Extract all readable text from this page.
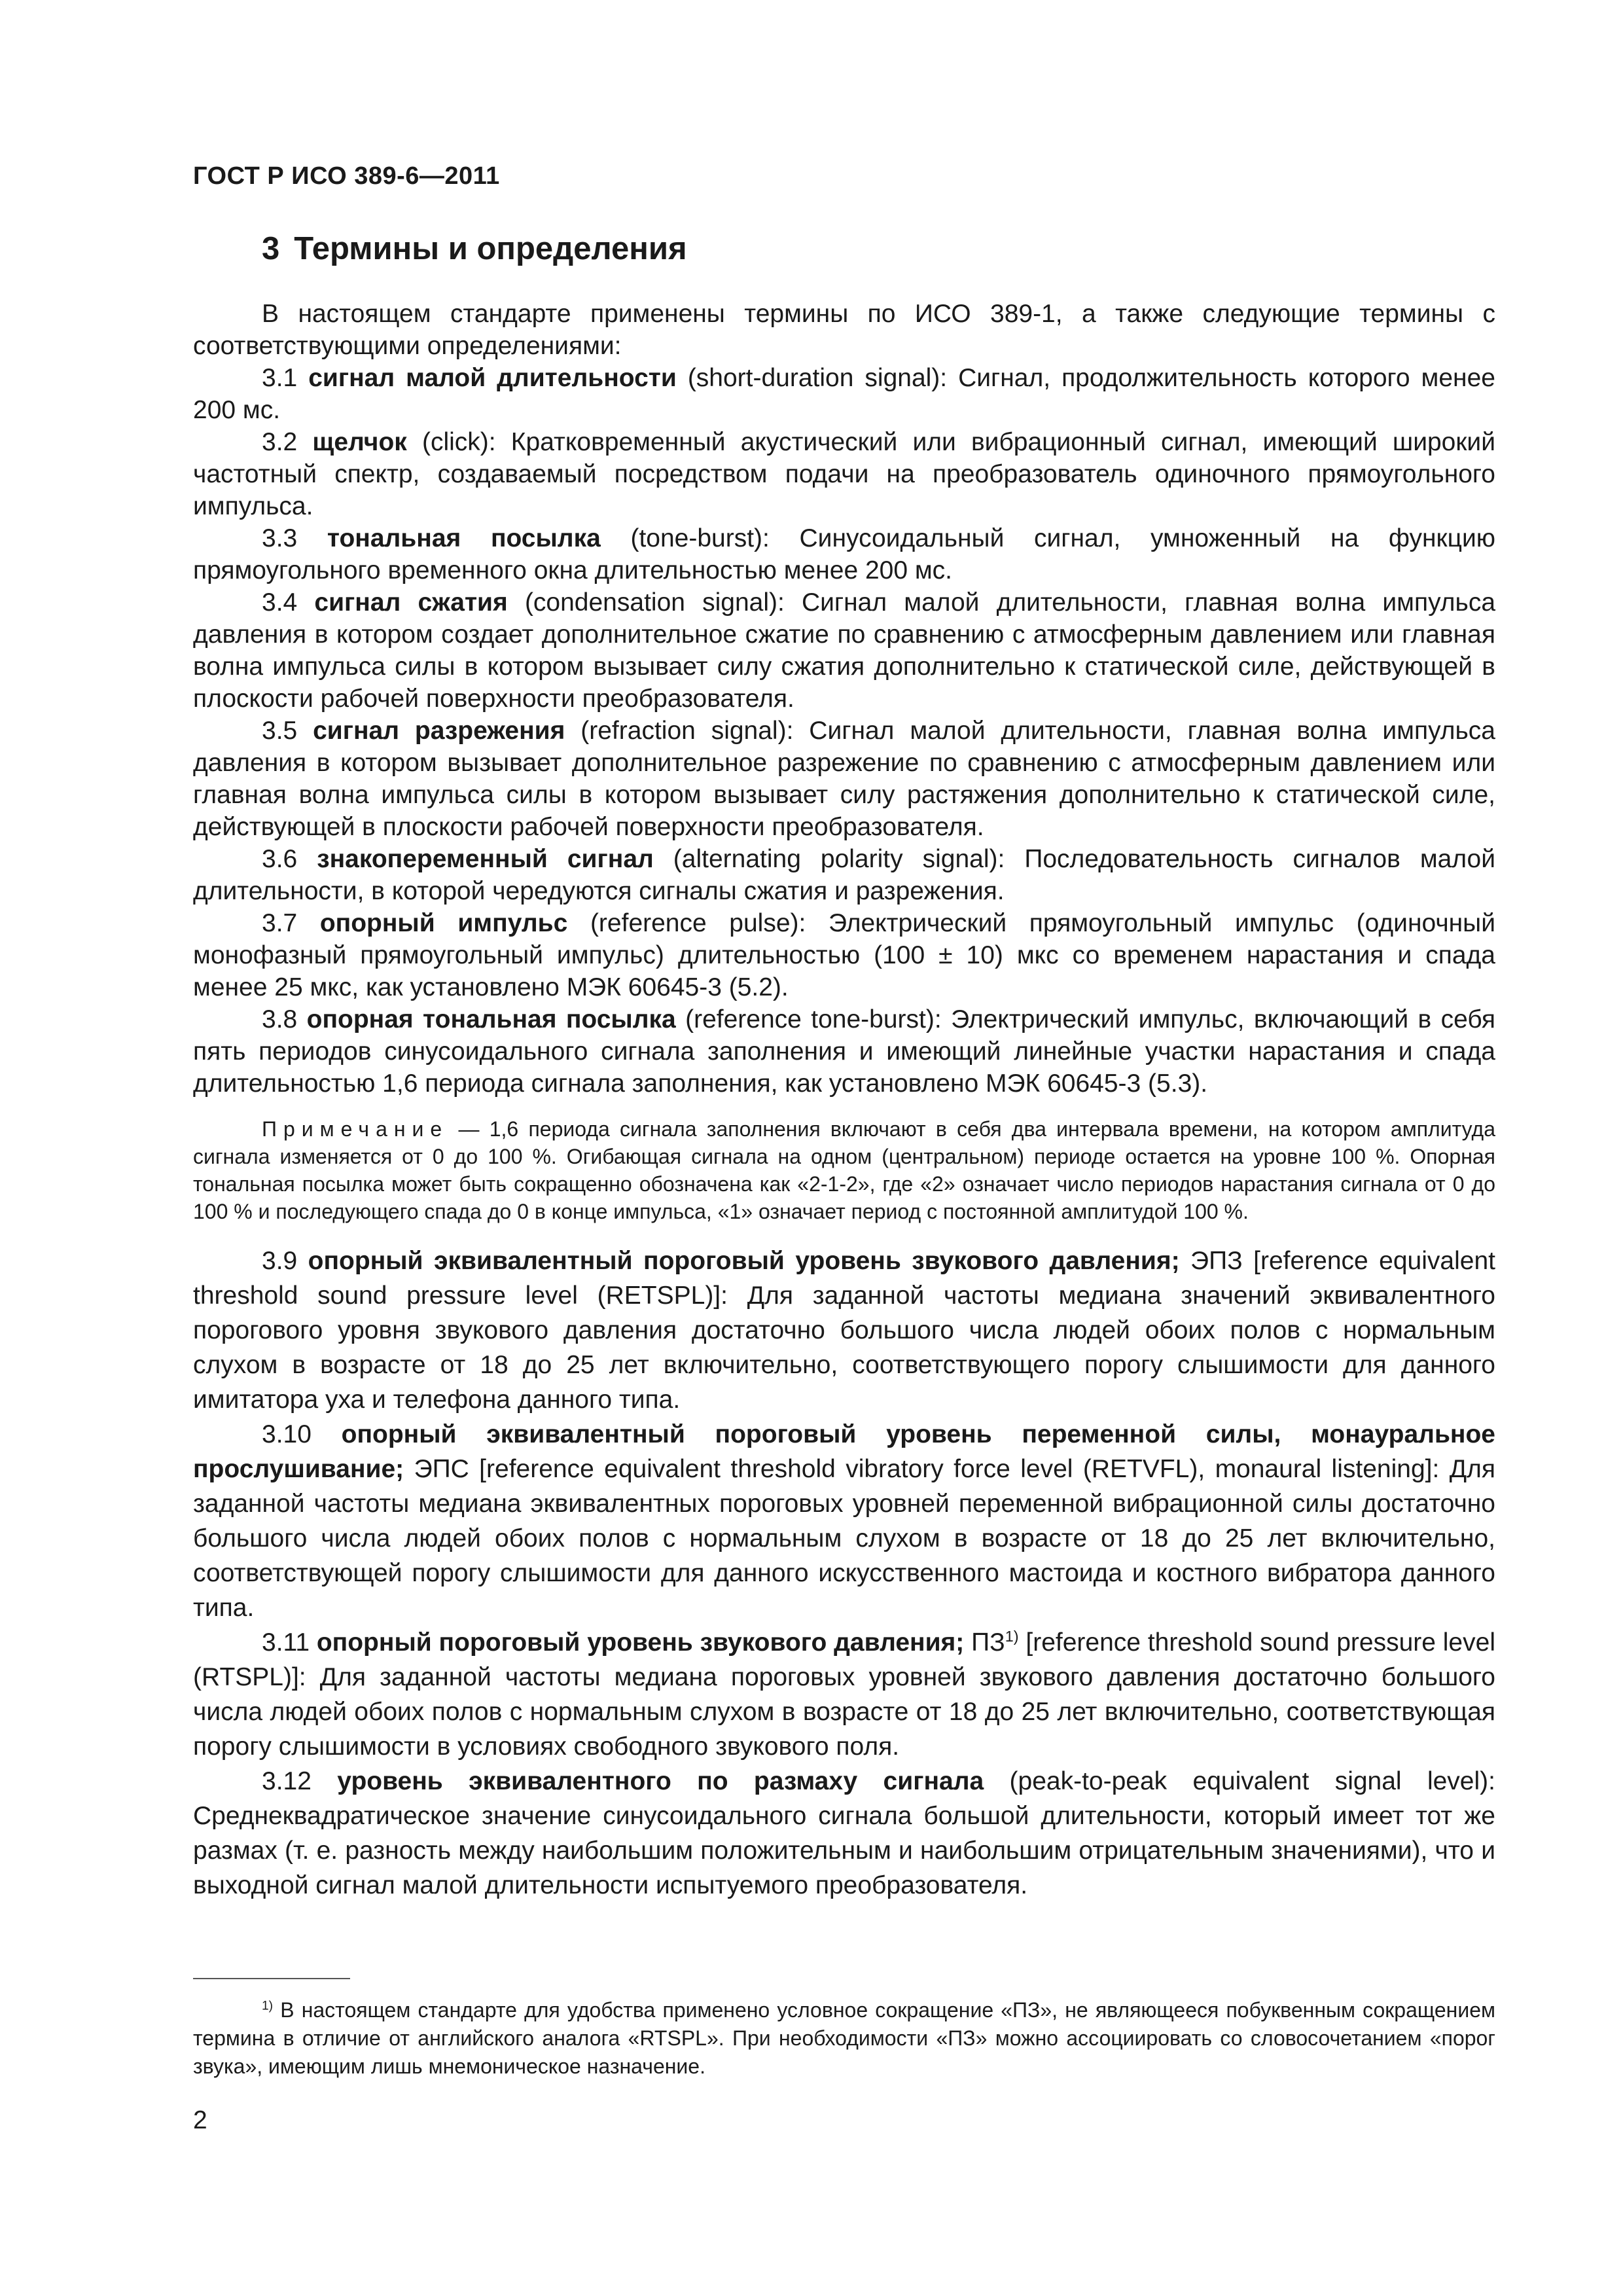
ГОСТ Р ИСО 389-6—2011
3 Термины и определения

В настоящем стандарте применены термины по ИСО 389-1, а также следующие термины с соответствующими определениями:

3.1 сигнал малой длительности (short-duration signal): Сигнал, продолжительность которого менее 200 мс.

3.2 щелчок (click): Кратковременный акустический или вибрационный сигнал, имеющий широкий частотный спектр, создаваемый посредством подачи на преобразователь одиночного прямоугольного импульса.

3.3 тональная посылка (tone-burst): Синусоидальный сигнал, умноженный на функцию прямоугольного временного окна длительностью менее 200 мс.

3.4 сигнал сжатия (condensation signal): Сигнал малой длительности, главная волна импульса давления в котором создает дополнительное сжатие по сравнению с атмосферным давлением или главная волна импульса силы в котором вызывает силу сжатия дополнительно к статической силе, действующей в плоскости рабочей поверхности преобразователя.

3.5 сигнал разрежения (refraction signal): Сигнал малой длительности, главная волна импульса давления в котором вызывает дополнительное разрежение по сравнению с атмосферным давлением или главная волна импульса силы в котором вызывает силу растяжения дополнительно к статической силе, действующей в плоскости рабочей поверхности преобразователя.

3.6 знакопеременный сигнал (alternating polarity signal): Последовательность сигналов малой длительности, в которой чередуются сигналы сжатия и разрежения.

3.7 опорный импульс (reference pulse): Электрический прямоугольный импульс (одиночный монофазный прямоугольный импульс) длительностью (100 ± 10) мкс со временем нарастания и спада менее 25 мкс, как установлено МЭК 60645-3 (5.2).

3.8 опорная тональная посылка (reference tone-burst): Электрический импульс, включающий в себя пять периодов синусоидального сигнала заполнения и имеющий линейные участки нарастания и спада длительностью 1,6 периода сигнала заполнения, как установлено МЭК 60645-3 (5.3).

Примечание — 1,6 периода сигнала заполнения включают в себя два интервала времени, на котором амплитуда сигнала изменяется от 0 до 100 %. Огибающая сигнала на одном (центральном) периоде остается на уровне 100 %. Опорная тональная посылка может быть сокращенно обозначена как «2-1-2», где «2» означает число периодов нарастания сигнала от 0 до 100 % и последующего спада до 0 в конце импульса, «1» означает период с постоянной амплитудой 100 %.

3.9 опорный эквивалентный пороговый уровень звукового давления; ЭПЗ [reference equivalent threshold sound pressure level (RETSPL)]: Для заданной частоты медиана значений эквивалентного порогового уровня звукового давления достаточно большого числа людей обоих полов с нормальным слухом в возрасте от 18 до 25 лет включительно, соответствующего порогу слышимости для данного имитатора уха и телефона данного типа.

3.10 опорный эквивалентный пороговый уровень переменной силы, монауральное прослушивание; ЭПС [reference equivalent threshold vibratory force level (RETVFL), monaural listening]: Для заданной частоты медиана эквивалентных пороговых уровней переменной вибрационной силы достаточно большого числа людей обоих полов с нормальным слухом в возрасте от 18 до 25 лет включительно, соответствующей порогу слышимости для данного искусственного мастоида и костного вибратора данного типа.

3.11 опорный пороговый уровень звукового давления; ПЗ$^{1)}$ [reference threshold sound pressure level (RTSPL)]: Для заданной частоты медиана пороговых уровней звукового давления достаточно большого числа людей обоих полов с нормальным слухом в возрасте от 18 до 25 лет включительно, соответствующая порогу слышимости в условиях свободного звукового поля.

3.12 уровень эквивалентного по размаху сигнала (peak-to-peak equivalent signal level): Среднеквадратическое значение синусоидального сигнала большой длительности, который имеет тот же размах (т. е. разность между наибольшим положительным и наибольшим отрицательным значениями), что и выходной сигнал малой длительности испытуемого преобразователя.

$^{1)}$ В настоящем стандарте для удобства применено условное сокращение «ПЗ», не являющееся побуквенным сокращением термина в отличие от английского аналога «RTSPL». При необходимости «ПЗ» можно ассоциировать со словосочетанием «порог звука», имеющим лишь мнемоническое назначение.

2
